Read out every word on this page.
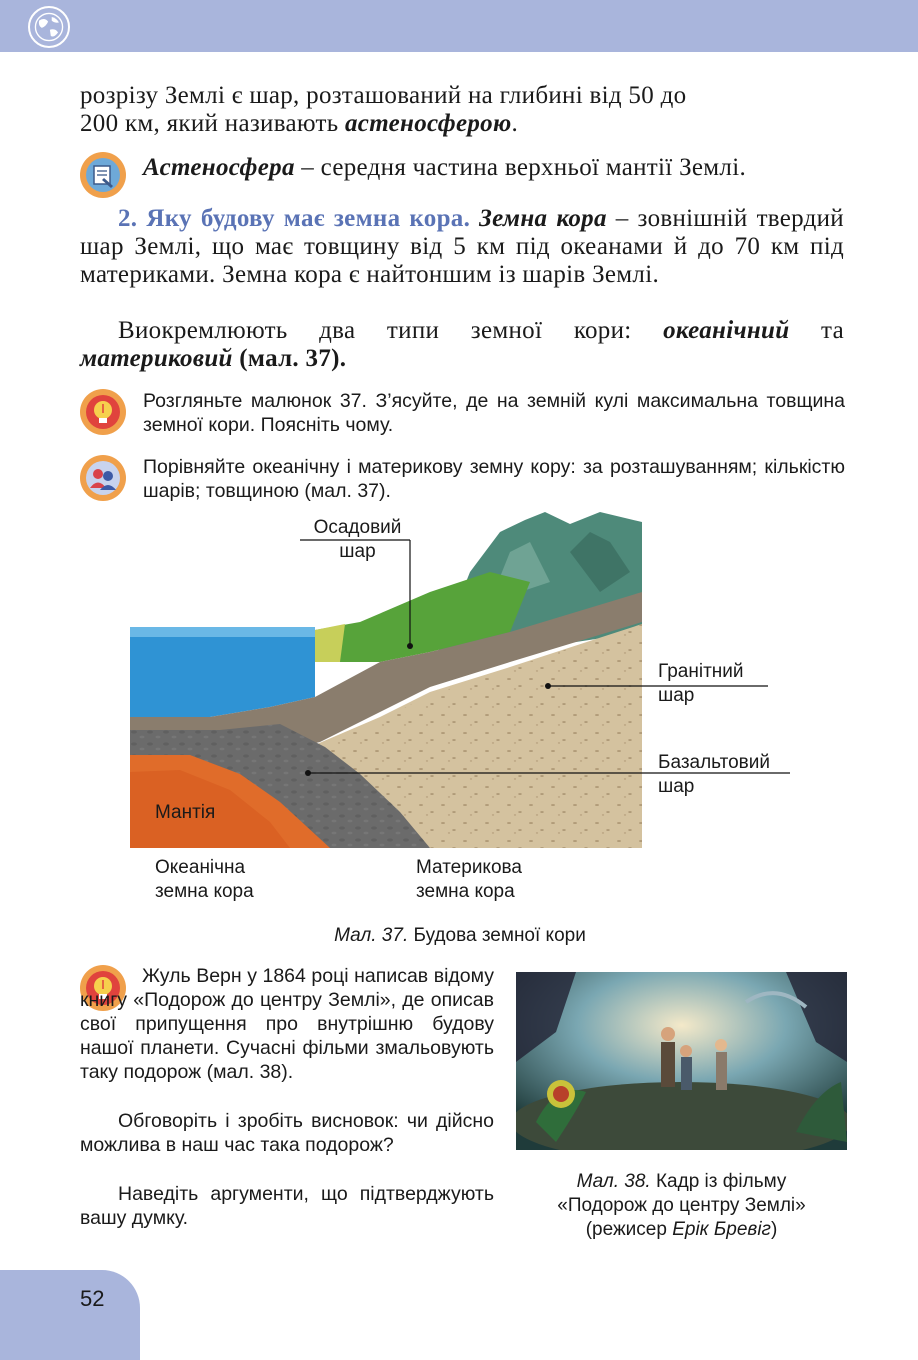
розрізу Землі є шар, розташований на глибині від 50 до
200 км, який називають астеносферою.
Астеносфера – середня частина верхньої мантії Землі.
2. Яку будову має земна кора. Земна кора – зовнішній твердий шар Землі, що має товщину від 5 км під океанами й до 70 км під материками. Земна кора є найтоншим із шарів Землі.
Виокремлюють два типи земної кори: океанічний та материковий (мал. 37).
Розгляньте малюнок 37. З’ясуйте, де на земній кулі максимальна товщина земної кори. Поясніть чому.
Порівняйте океанічну і материкову земну кору: за розташуванням; кількістю шарів; товщиною (мал. 37).
Осадовий
шар
Гранітний
шар
Базальтовий
шар
Мантія
Океанічна
земна кора
Материкова
земна кора
Мал. 37. Будова земної кори
Жуль Верн у 1864 році написав відому книгу «Подорож до центру Землі», де описав свої припущення про внутрішню будову нашої планети. Сучасні фільми змальовують таку подорож (мал. 38).
Обговоріть і зробіть висновок: чи дійсно можлива в наш час така подорож?
Наведіть аргументи, що підтверджують вашу думку.
Мал. 38. Кадр із фільму
«Подорож до центру Землі»
(режисер Ерік Бревіг)
52
